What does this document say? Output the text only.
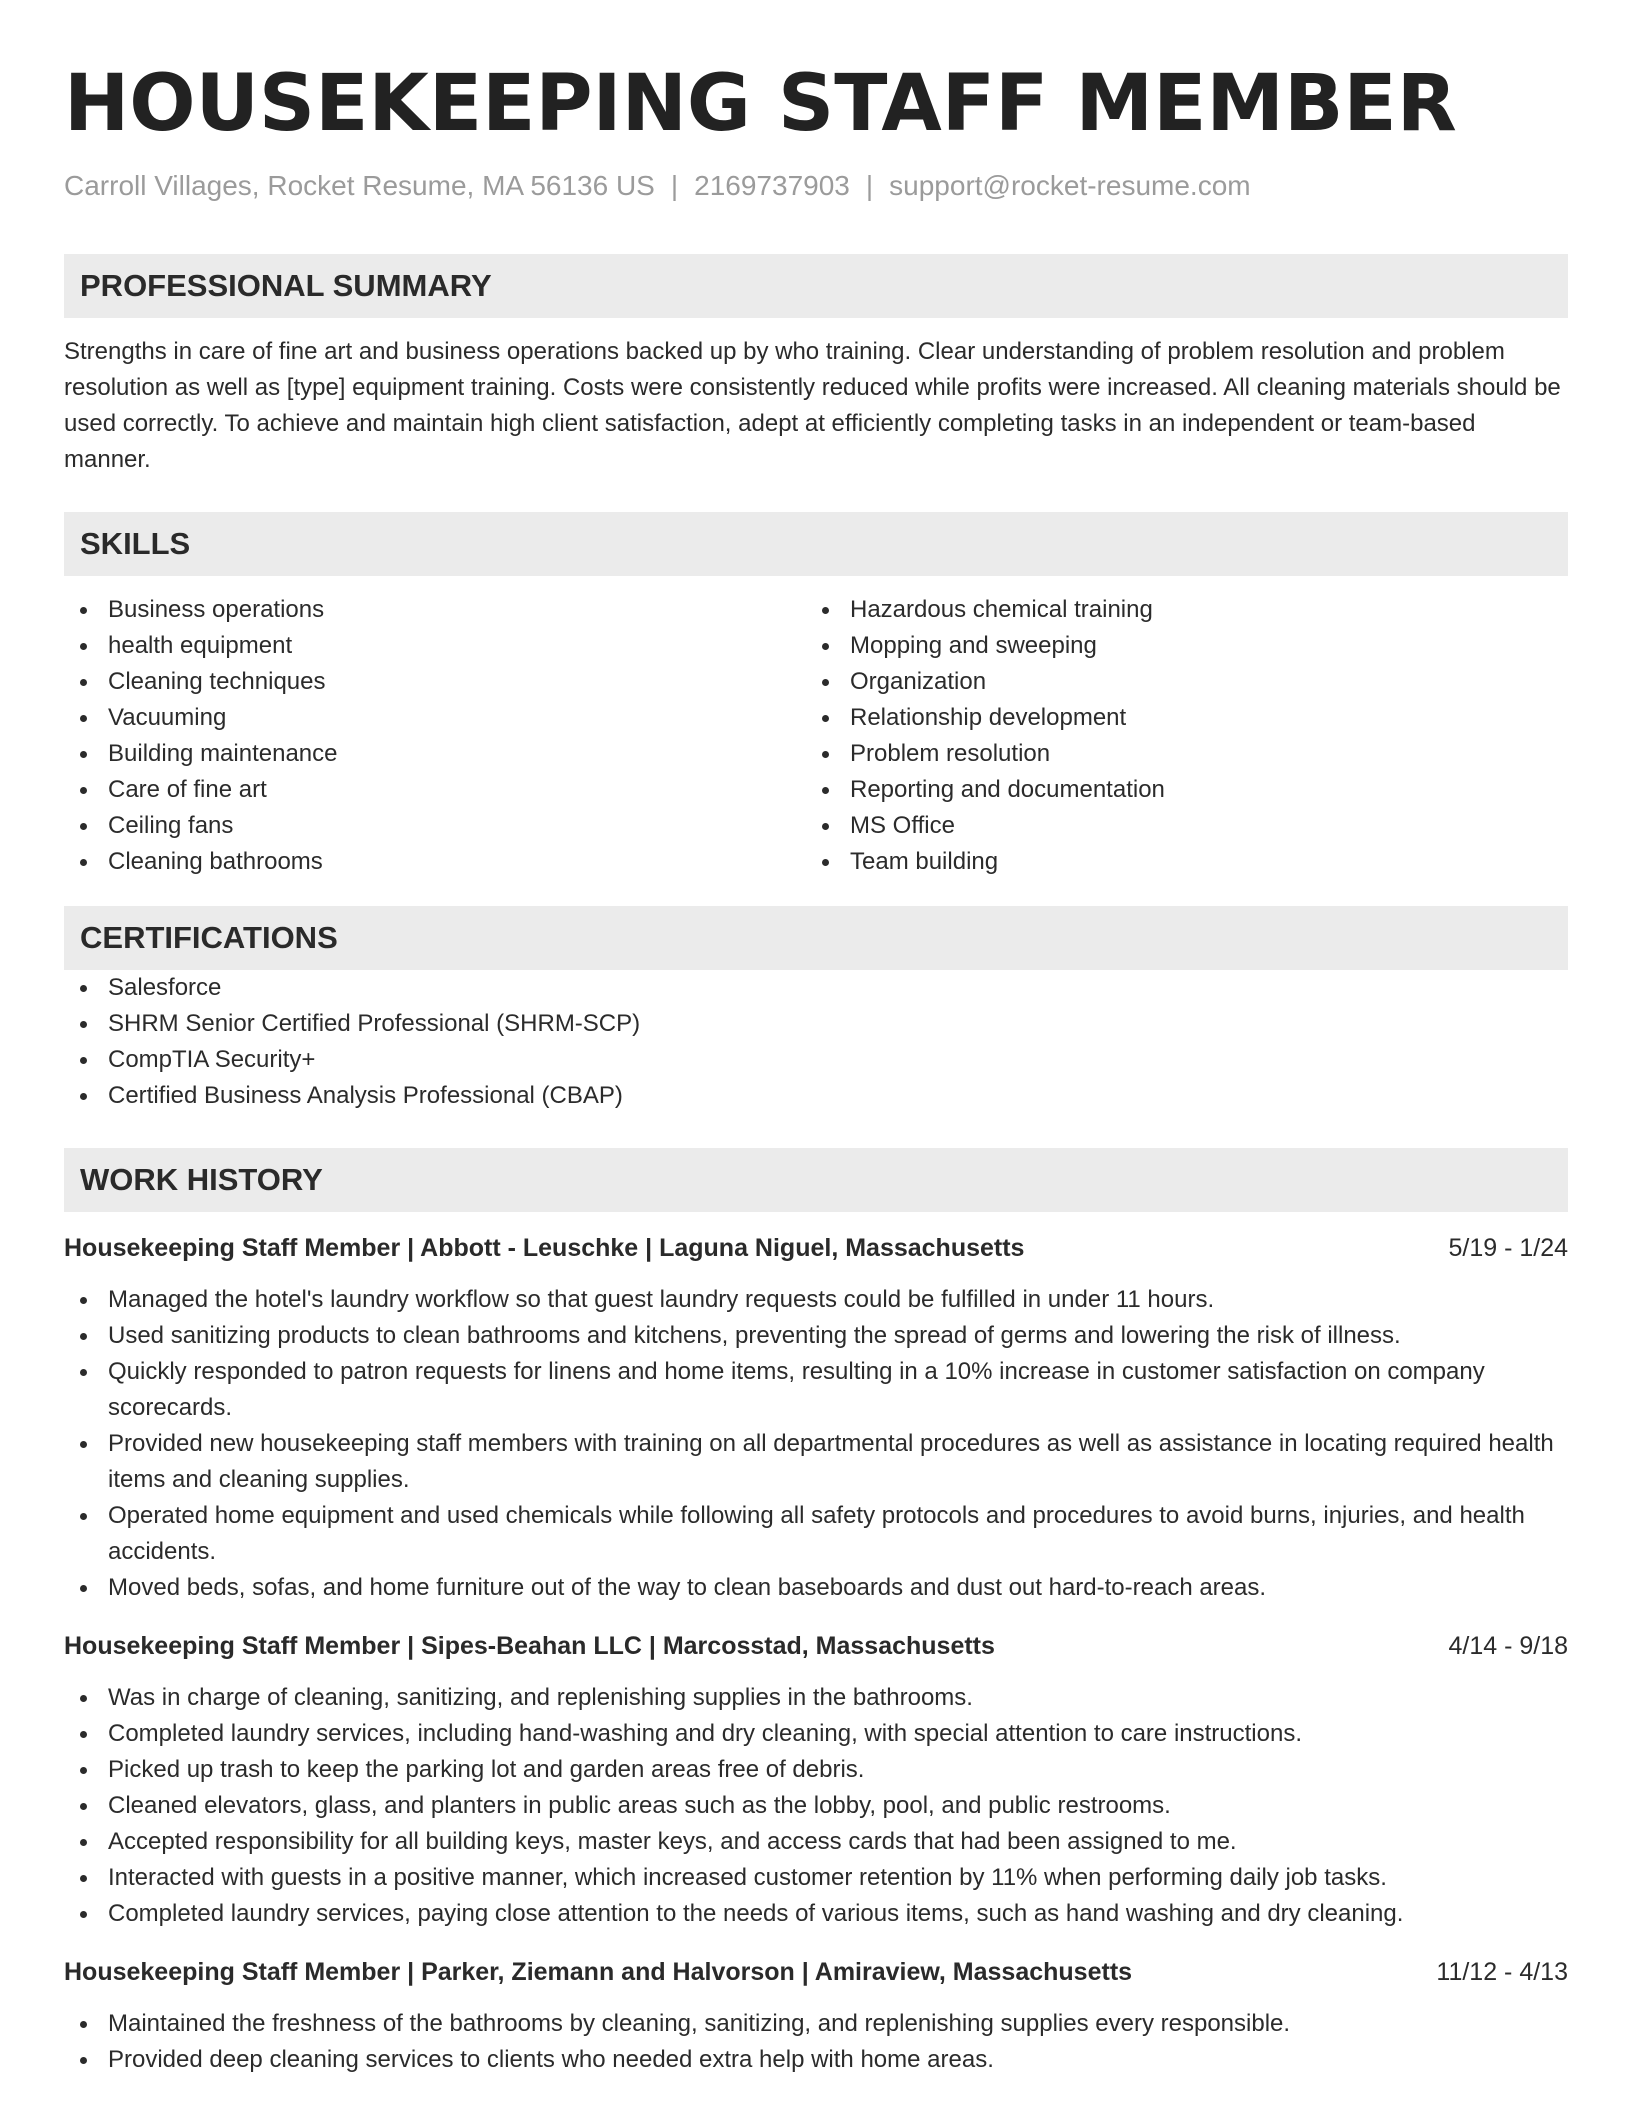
HOUSEKEEPING STAFF MEMBER
Carroll Villages, Rocket Resume, MA 56136 US | 2169737903 | support@rocket-resume.com
PROFESSIONAL SUMMARY
Strengths in care of fine art and business operations backed up by who training. Clear understanding of problem resolution and problem resolution as well as [type] equipment training. Costs were consistently reduced while profits were increased. All cleaning materials should be used correctly. To achieve and maintain high client satisfaction, adept at efficiently completing tasks in an independent or team-based manner.
SKILLS
Business operations
health equipment
Cleaning techniques
Vacuuming
Building maintenance
Care of fine art
Ceiling fans
Cleaning bathrooms
Hazardous chemical training
Mopping and sweeping
Organization
Relationship development
Problem resolution
Reporting and documentation
MS Office
Team building
CERTIFICATIONS
Salesforce
SHRM Senior Certified Professional (SHRM-SCP)
CompTIA Security+
Certified Business Analysis Professional (CBAP)
WORK HISTORY
Housekeeping Staff Member | Abbott - Leuschke | Laguna Niguel, Massachusetts	5/19 - 1/24
Managed the hotel's laundry workflow so that guest laundry requests could be fulfilled in under 11 hours.
Used sanitizing products to clean bathrooms and kitchens, preventing the spread of germs and lowering the risk of illness.
Quickly responded to patron requests for linens and home items, resulting in a 10% increase in customer satisfaction on company scorecards.
Provided new housekeeping staff members with training on all departmental procedures as well as assistance in locating required health items and cleaning supplies.
Operated home equipment and used chemicals while following all safety protocols and procedures to avoid burns, injuries, and health accidents.
Moved beds, sofas, and home furniture out of the way to clean baseboards and dust out hard-to-reach areas.
Housekeeping Staff Member | Sipes-Beahan LLC | Marcosstad, Massachusetts	4/14 - 9/18
Was in charge of cleaning, sanitizing, and replenishing supplies in the bathrooms.
Completed laundry services, including hand-washing and dry cleaning, with special attention to care instructions.
Picked up trash to keep the parking lot and garden areas free of debris.
Cleaned elevators, glass, and planters in public areas such as the lobby, pool, and public restrooms.
Accepted responsibility for all building keys, master keys, and access cards that had been assigned to me.
Interacted with guests in a positive manner, which increased customer retention by 11% when performing daily job tasks.
Completed laundry services, paying close attention to the needs of various items, such as hand washing and dry cleaning.
Housekeeping Staff Member | Parker, Ziemann and Halvorson | Amiraview, Massachusetts	11/12 - 4/13
Maintained the freshness of the bathrooms by cleaning, sanitizing, and replenishing supplies every responsible.
Provided deep cleaning services to clients who needed extra help with home areas.
